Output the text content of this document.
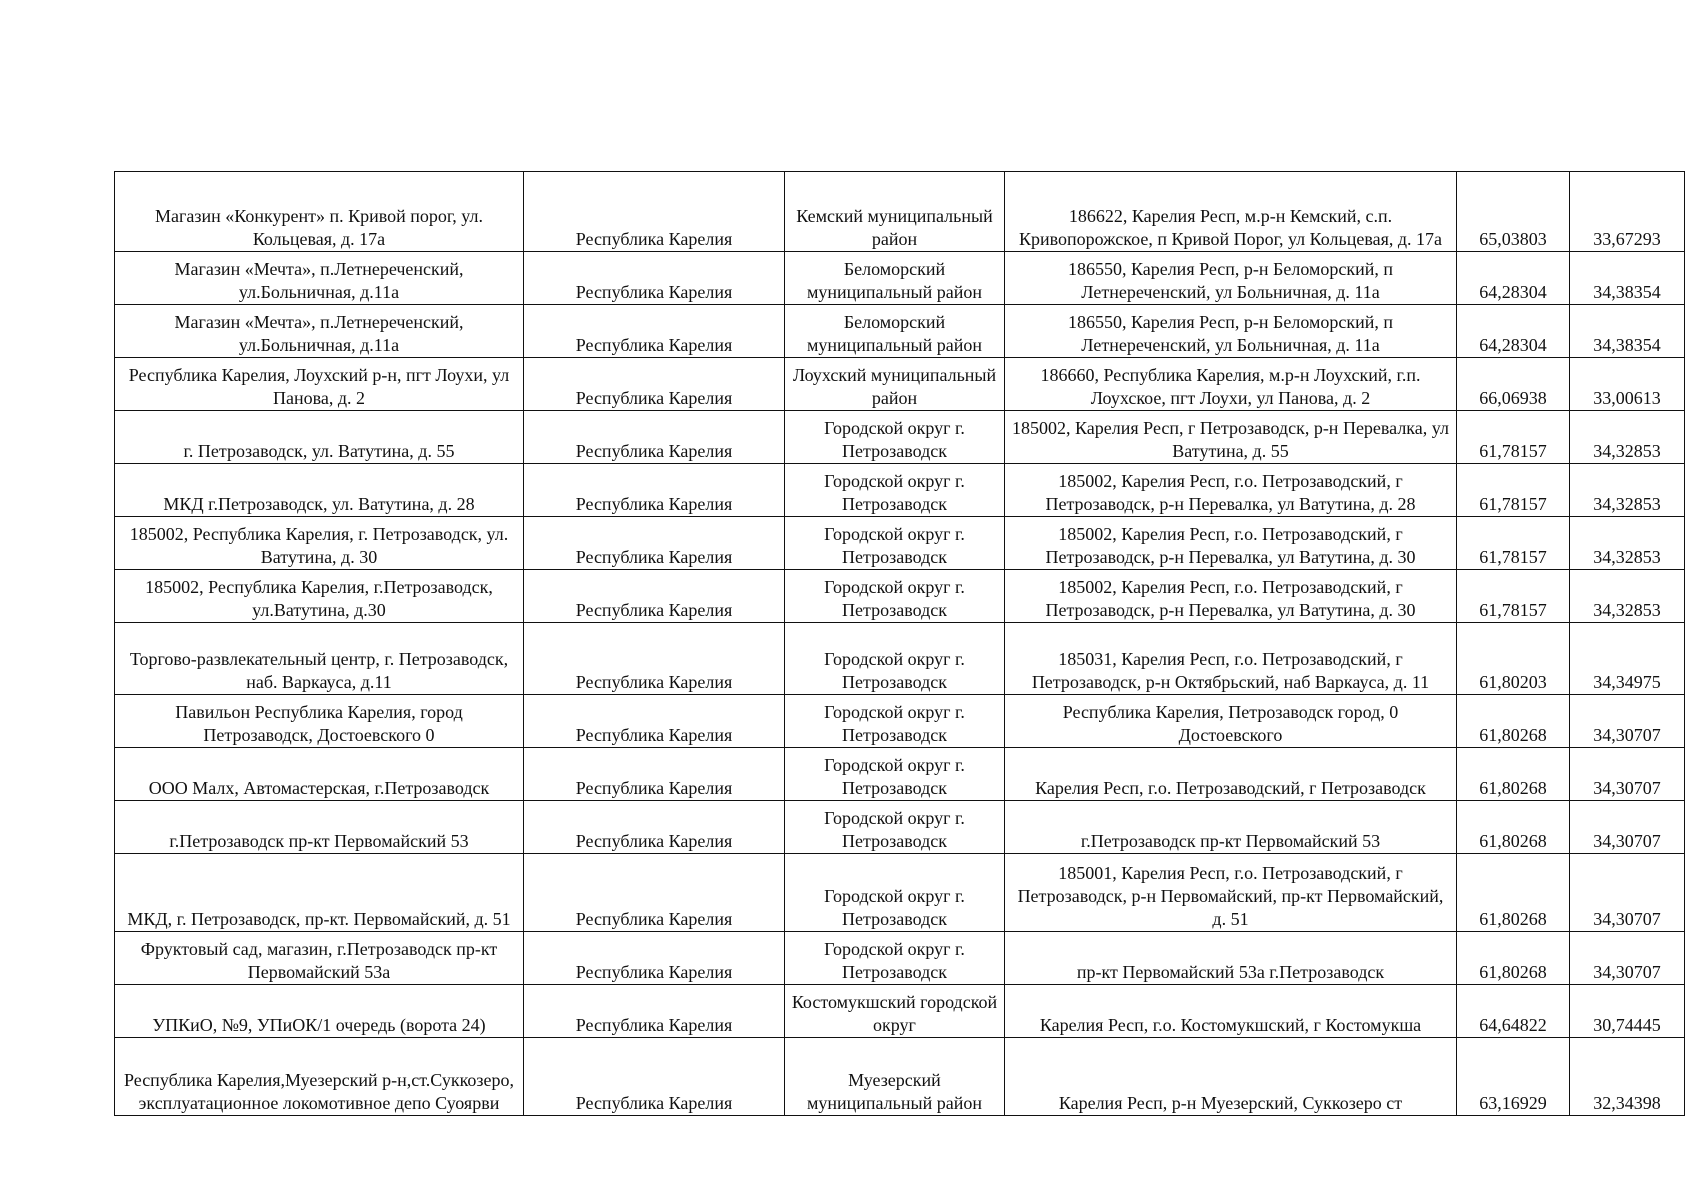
Магазин «Конкурент» п. Кривой порог, ул. Кольцевая, д. 17а	Республика Карелия	Кемский муниципальный район	186622, Карелия Респ, м.р-н Кемский, с.п. Кривопорожское, п Кривой Порог, ул Кольцевая, д. 17а	65,03803	33,67293
Магазин «Мечта», п.Летнереченский, ул.Больничная, д.11а	Республика Карелия	Беломорский муниципальный район	186550, Карелия Респ, р-н Беломорский, п Летнереченский, ул Больничная, д. 11а	64,28304	34,38354
Магазин «Мечта», п.Летнереченский, ул.Больничная, д.11а	Республика Карелия	Беломорский муниципальный район	186550, Карелия Респ, р-н Беломорский, п Летнереченский, ул Больничная, д. 11а	64,28304	34,38354
Республика Карелия, Лоухский р-н, пгт Лоухи, ул Панова, д. 2	Республика Карелия	Лоухский муниципальный район	186660, Республика Карелия, м.р-н Лоухский, г.п. Лоухское, пгт Лоухи, ул Панова, д. 2	66,06938	33,00613
г. Петрозаводск, ул. Ватутина, д. 55	Республика Карелия	Городской округ г. Петрозаводск	185002, Карелия Респ, г Петрозаводск, р-н Перевалка, ул Ватутина, д. 55	61,78157	34,32853
МКД г.Петрозаводск, ул. Ватутина, д. 28	Республика Карелия	Городской округ г. Петрозаводск	185002, Карелия Респ, г.о. Петрозаводский, г Петрозаводск, р-н Перевалка, ул Ватутина, д. 28	61,78157	34,32853
185002, Республика Карелия, г. Петрозаводск, ул. Ватутина, д. 30	Республика Карелия	Городской округ г. Петрозаводск	185002, Карелия Респ, г.о. Петрозаводский, г Петрозаводск, р-н Перевалка, ул Ватутина, д. 30	61,78157	34,32853
185002, Республика Карелия, г.Петрозаводск, ул.Ватутина, д.30	Республика Карелия	Городской округ г. Петрозаводск	185002, Карелия Респ, г.о. Петрозаводский, г Петрозаводск, р-н Перевалка, ул Ватутина, д. 30	61,78157	34,32853
Торгово-развлекательный центр, г. Петрозаводск, наб. Варкауса, д.11	Республика Карелия	Городской округ г. Петрозаводск	185031, Карелия Респ, г.о. Петрозаводский, г Петрозаводск, р-н Октябрьский, наб Варкауса, д. 11	61,80203	34,34975
Павильон Республика Карелия, город Петрозаводск, Достоевского 0	Республика Карелия	Городской округ г. Петрозаводск	Республика Карелия, Петрозаводск город, 0 Достоевского	61,80268	34,30707
ООО Малх, Автомастерская, г.Петрозаводск	Республика Карелия	Городской округ г. Петрозаводск	Карелия Респ, г.о. Петрозаводский, г Петрозаводск	61,80268	34,30707
г.Петрозаводск пр-кт Первомайский 53	Республика Карелия	Городской округ г. Петрозаводск	г.Петрозаводск пр-кт Первомайский 53	61,80268	34,30707
МКД, г. Петрозаводск, пр-кт. Первомайский, д. 51	Республика Карелия	Городской округ г. Петрозаводск	185001, Карелия Респ, г.о. Петрозаводский, г Петрозаводск, р-н Первомайский, пр-кт Первомайский, д. 51	61,80268	34,30707
Фруктовый сад, магазин, г.Петрозаводск пр-кт Первомайский 53а	Республика Карелия	Городской округ г. Петрозаводск	пр-кт Первомайский 53а г.Петрозаводск	61,80268	34,30707
УПКиО, №9, УПиОК/1 очередь (ворота 24)	Республика Карелия	Костомукшский городской округ	Карелия Респ, г.о. Костомукшский, г Костомукша	64,64822	30,74445
Республика Карелия,Муезерский р-н,ст.Суккозеро, эксплуатационное локомотивное депо Суоярви	Республика Карелия	Муезерский муниципальный район	Карелия Респ, р-н Муезерский, Суккозеро ст	63,16929	32,34398
